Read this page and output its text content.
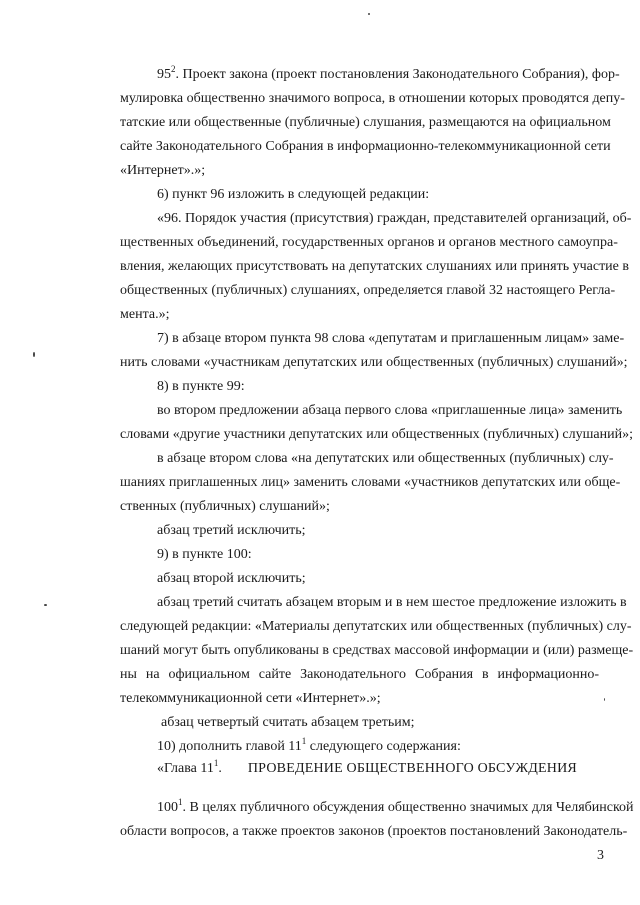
$95^2$. Проект закона (проект постановления Законодательного Собрания), фор-
мулировка общественно значимого вопроса, в отношении которых проводятся депу-
татские или общественные (публичные) слушания, размещаются на официальном
сайте Законодательного Собрания в информационно-телекоммуникационной сети
«Интернет».»;
6) пункт 96 изложить в следующей редакции:
«96. Порядок участия (присутствия) граждан, представителей организаций, об-
щественных объединений, государственных органов и органов местного самоупра-
вления, желающих присутствовать на депутатских слушаниях или принять участие в
общественных (публичных) слушаниях, определяется главой 32 настоящего Регла-
мента.»;
7) в абзаце втором пункта 98 слова «депутатам и приглашенным лицам» заме-
нить словами «участникам депутатских или общественных (публичных) слушаний»;
8) в пункте 99:
во втором предложении абзаца первого слова «приглашенные лица» заменить
словами «другие участники депутатских или общественных (публичных) слушаний»;
в абзаце втором слова «на депутатских или общественных (публичных) слу-
шаниях приглашенных лиц» заменить словами «участников депутатских или обще-
ственных (публичных) слушаний»;
абзац третий исключить;
9) в пункте 100:
абзац второй исключить;
абзац третий считать абзацем вторым и в нем шестое предложение изложить в
следующей редакции: «Материалы депутатских или общественных (публичных) слу-
шаний могут быть опубликованы в средствах массовой информации и (или) размеще-
ны на официальном сайте Законодательного Собрания в информационно-
телекоммуникационной сети «Интернет».»;
абзац четвертый считать абзацем третьим;
10) дополнить главой $11^1$ следующего содержания:
«Глава $11^1$. ПРОВЕДЕНИЕ ОБЩЕСТВЕННОГО ОБСУЖДЕНИЯ
$100^1$. В целях публичного обсуждения общественно значимых для Челябинской
области вопросов, а также проектов законов (проектов постановлений Законодатель-
3
